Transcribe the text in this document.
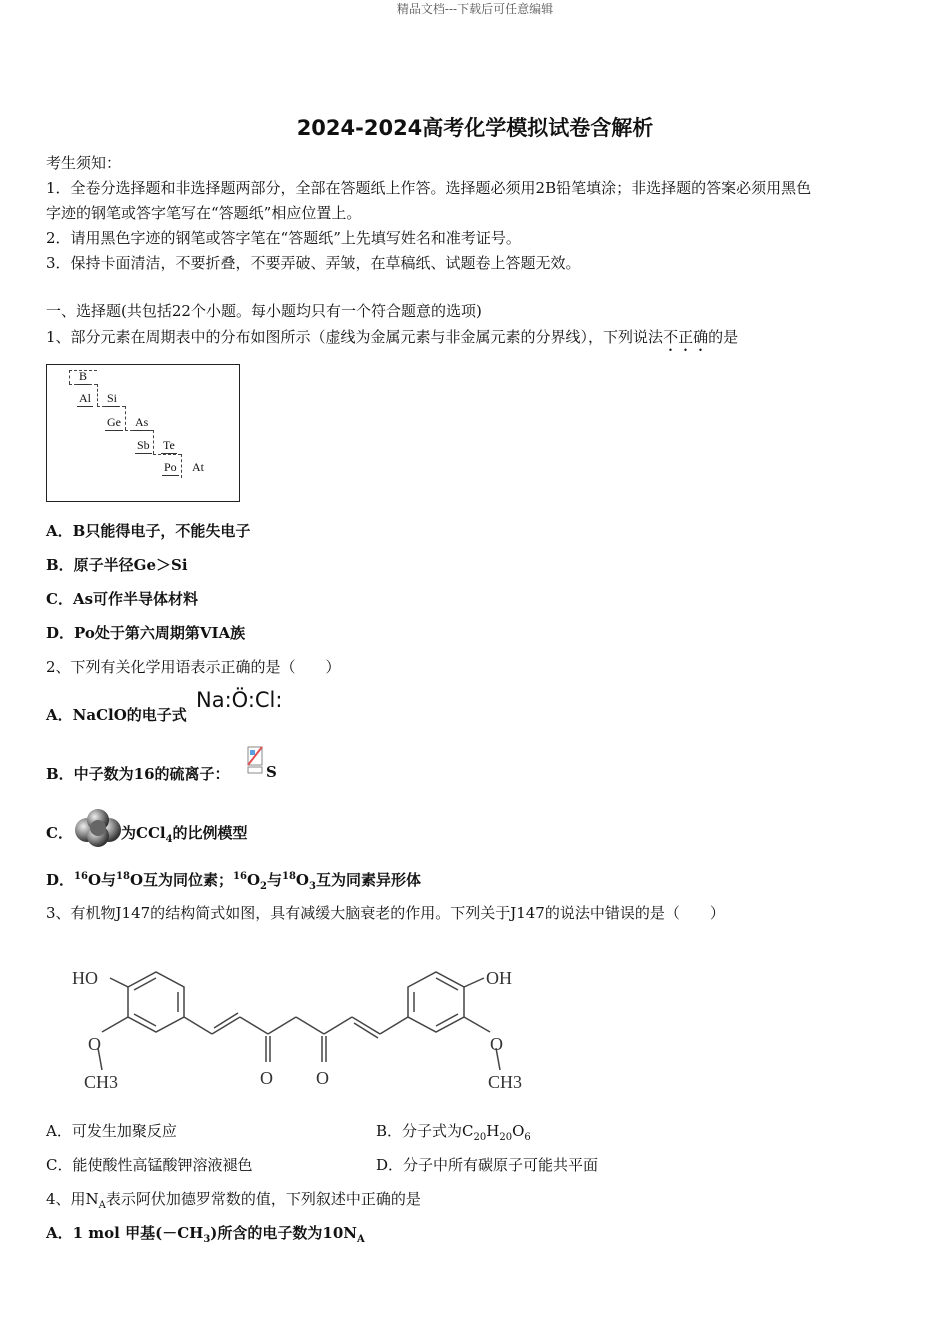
精品文档---下载后可任意编辑
2024-2024高考化学模拟试卷含解析
考生须知：
1．全卷分选择题和非选择题两部分，全部在答题纸上作答。选择题必须用2B铅笔填涂；非选择题的答案必须用黑色
字迹的钢笔或答字笔写在“答题纸”相应位置上。
2．请用黑色字迹的钢笔或答字笔在“答题纸”上先填写姓名和准考证号。
3．保持卡面清洁，不要折叠，不要弄破、弄皱，在草稿纸、试题卷上答题无效。
一、选择题(共包括22个小题。每小题均只有一个符合题意的选项)
1、部分元素在周期表中的分布如图所示（虚线为金属元素与非金属元素的分界线），下列说法不正确的是
B
Al Si
Ge As
Sb Te
Po At
A．B只能得电子，不能失电子
B．原子半径Ge＞Si
C．As可作半导体材料
D．Po处于第六周期第VIA族
2、下列有关化学用语表示正确的是（　　）
A．NaClO的电子式
Na:Ö:Cl:
B．中子数为16的硫离子： S
C．	为CCl$_4$的比例模型
D．$^{16}$O与$^{18}$O互为同位素；$^{16}O_2$与$^{18}O_3$互为同素异形体
3、有机物J147的结构简式如图，具有减缓大脑衰老的作用。下列关于J147的说法中错误的是（　　）
HO	OH
O	O
CH3	CH3
O O
A．可发生加聚反应	B．分子式为$C_{20}H_{20}O_6$
C．能使酸性高锰酸钾溶液褪色	D．分子中所有碳原子可能共平面
4、用$N_A$表示阿伏加德罗常数的值，下列叙述中正确的是
A．1 mol 甲基$(-CH_3)$所含的电子数为$10N_A$
